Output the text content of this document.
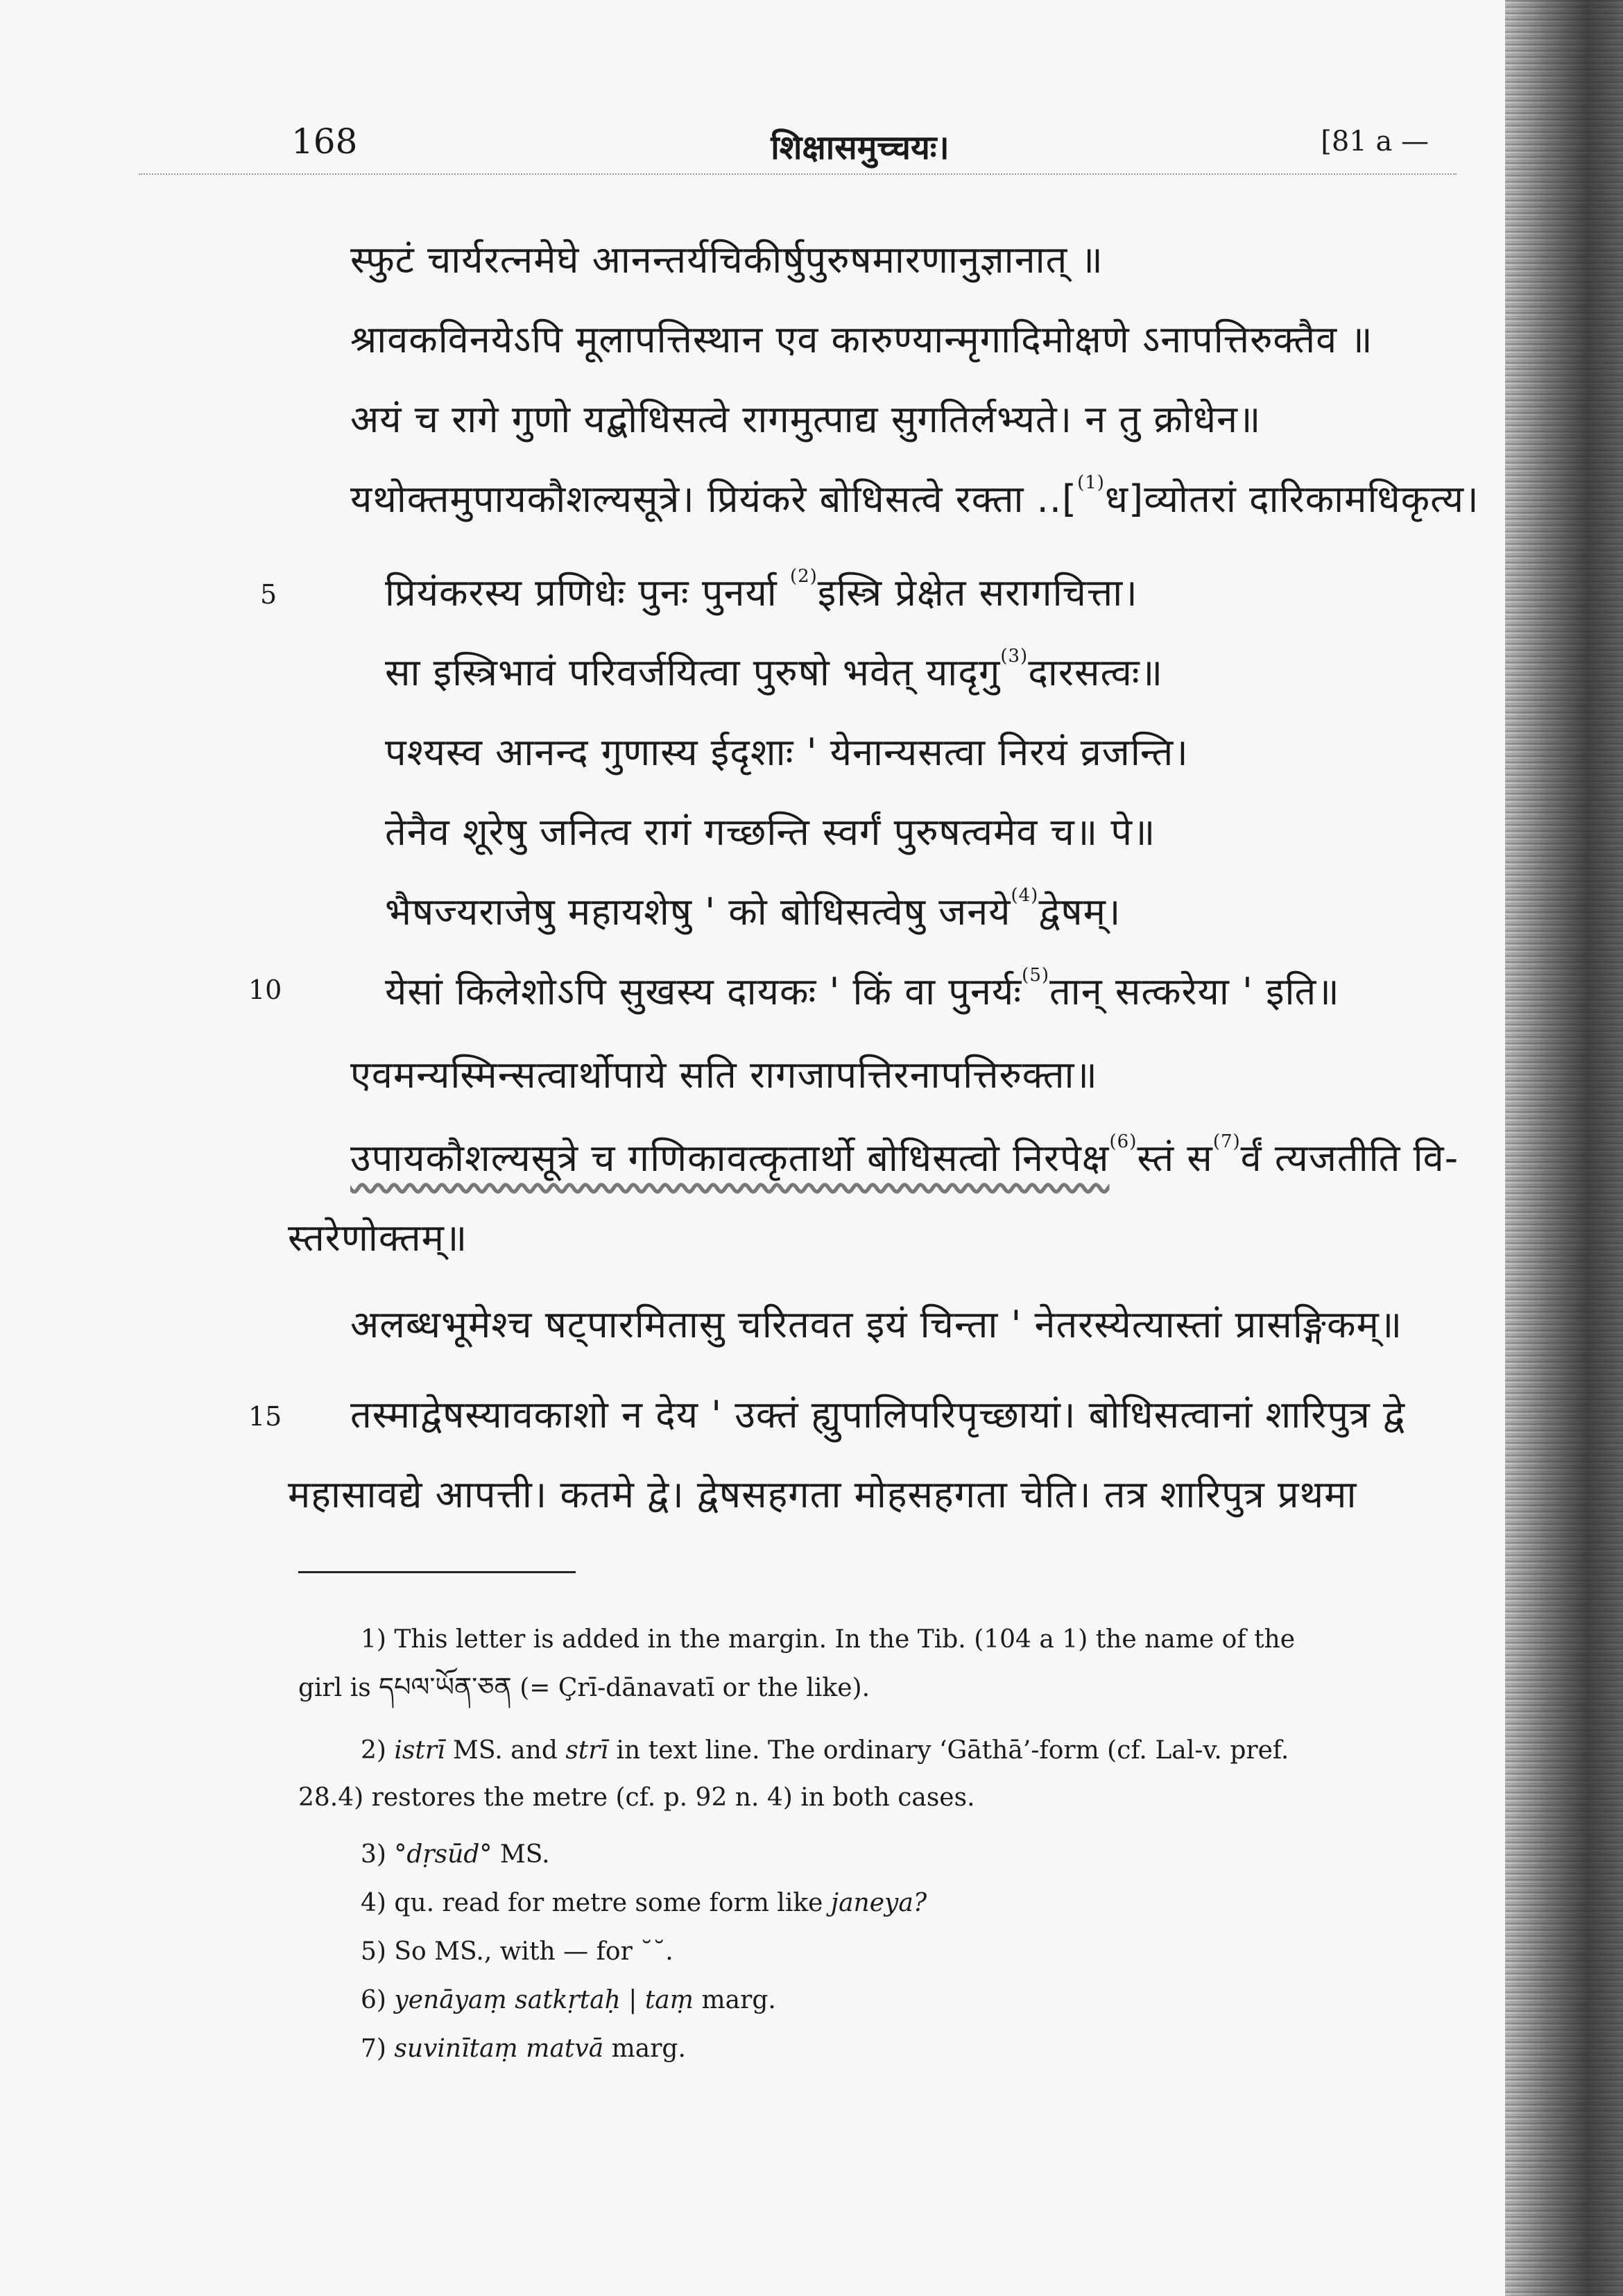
168	शिक्षासमुच्चयः।	[81 a —
स्फुटं चार्यरत्नमेघे आनन्तर्यचिकीर्षुपुरुषमारणानुज्ञानात् ॥
श्रावकविनयेऽपि मूलापत्तिस्थान एव कारुण्यान्मृगादिमोक्षणे ऽनापत्तिरुक्तैव ॥
अयं च रागे गुणो यद्बोधिसत्वे रागमुत्पाद्य सुगतिर्लभ्यते। न तु क्रोधेन॥
यथोक्तमुपायकौशल्यसूत्रे। प्रियंकरे बोधिसत्वे रक्ता ..[$^{(1)}$ध]व्योतरां दारिकामधिकृत्य।
5	प्रियंकरस्य प्रणिधेः पुनः पुनर्या $^{(2)}$इस्त्रि प्रेक्षेत सरागचित्ता।
सा इस्त्रिभावं परिवर्जयित्वा पुरुषो भवेत् यादृगु$^{(3)}$दारसत्वः॥
पश्यस्व आनन्द गुणास्य ईदृशाः ' येनान्यसत्वा निरयं व्रजन्ति।
तेनैव शूरेषु जनित्व रागं गच्छन्ति स्वर्गं पुरुषत्वमेव च॥ पे॥
भैषज्यराजेषु महायशेषु ' को बोधिसत्वेषु जनये$^{(4)}$द्वेषम्।
10	येसां किलेशोऽपि सुखस्य दायकः ' किं वा पुनर्यः$^{(5)}$तान् सत्करेया ' इति॥
एवमन्यस्मिन्सत्वार्थोपाये सति रागजापत्तिरनापत्तिरुक्ता॥
उपायकौशल्यसूत्रे च गणिकावत्कृतार्थो बोधिसत्वो निरपेक्ष$^{(6)}$स्तं स$^{(7)}$र्वं त्यजतीति वि-
स्तरेणोक्तम्॥
अलब्धभूमेश्च षट्पारमितासु चरितवत इयं चिन्ता ' नेतरस्येत्यास्तां प्रासङ्गिकम्॥
15 तस्माद्वेषस्यावकाशो न देय ' उक्तं ह्युपालिपरिपृच्छायां। बोधिसत्वानां शारिपुत्र द्वे
महासावद्ये आपत्ती। कतमे द्वे। द्वेषसहगता मोहसहगता चेति। तत्र शारिपुत्र प्रथमा
1) This letter is added in the margin. In the Tib. (104 a 1) the name of the
girl is དཔལ་ཡོན་ཅན (= Çrī-dānavatī or the like).
2) istrī MS. and strī in text line. The ordinary ‘Gāthā’-form (cf. Lal-v. pref.
28.4) restores the metre (cf. p. 92 n. 4) in both cases.
3) °dṛsūd° MS.
4) qu. read for metre some form like janeya?
5) So MS., with — for ˘˘.
6) yenāyaṃ satkṛtaḥ | taṃ marg.
7) suvinītaṃ matvā marg.
